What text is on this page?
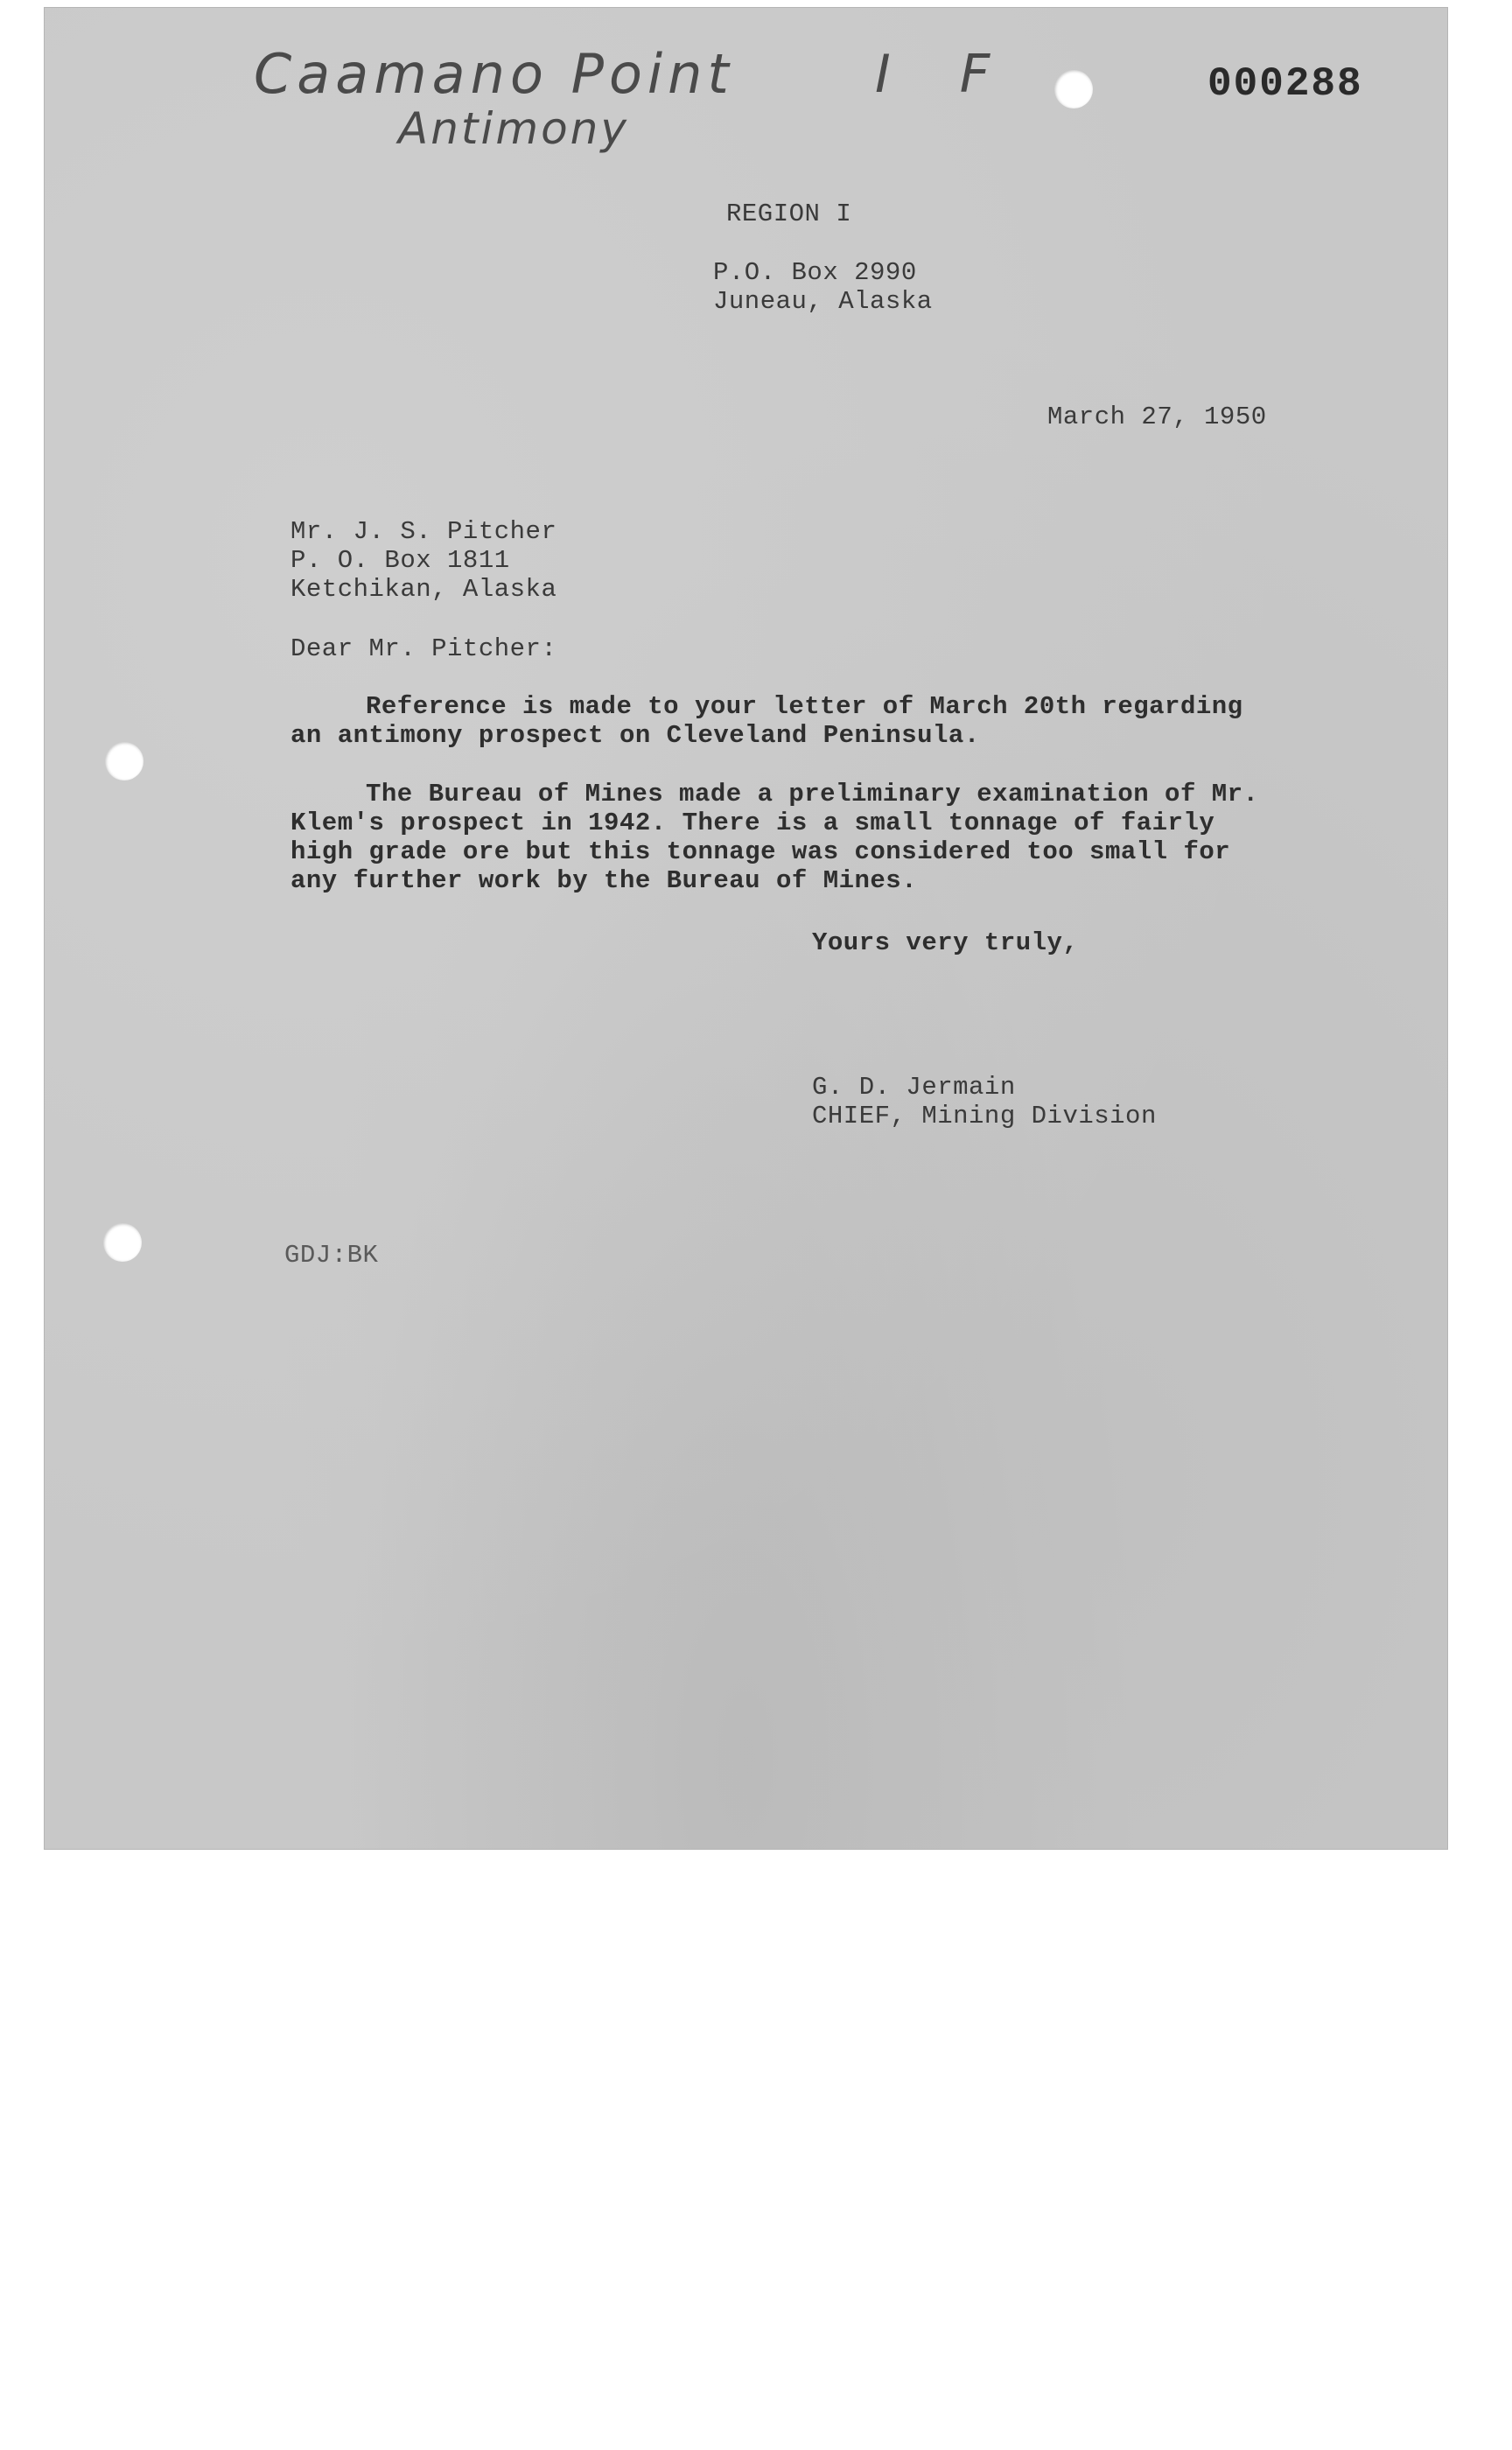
Caamano Point
Antimony
I F	000288
REGION I
P.O. Box 2990
Juneau, Alaska
March 27, 1950
Mr. J. S. Pitcher
P. O. Box 1811
Ketchikan, Alaska
Dear Mr. Pitcher:
Reference is made to your letter of March 20th regarding an antimony prospect on Cleveland Peninsula.
The Bureau of Mines made a preliminary examination of Mr. Klem's prospect in 1942. There is a small tonnage of fairly high grade ore but this tonnage was considered too small for any further work by the Bureau of Mines.
Yours very truly,
G. D. Jermain
CHIEF, Mining Division
GDJ:BK
